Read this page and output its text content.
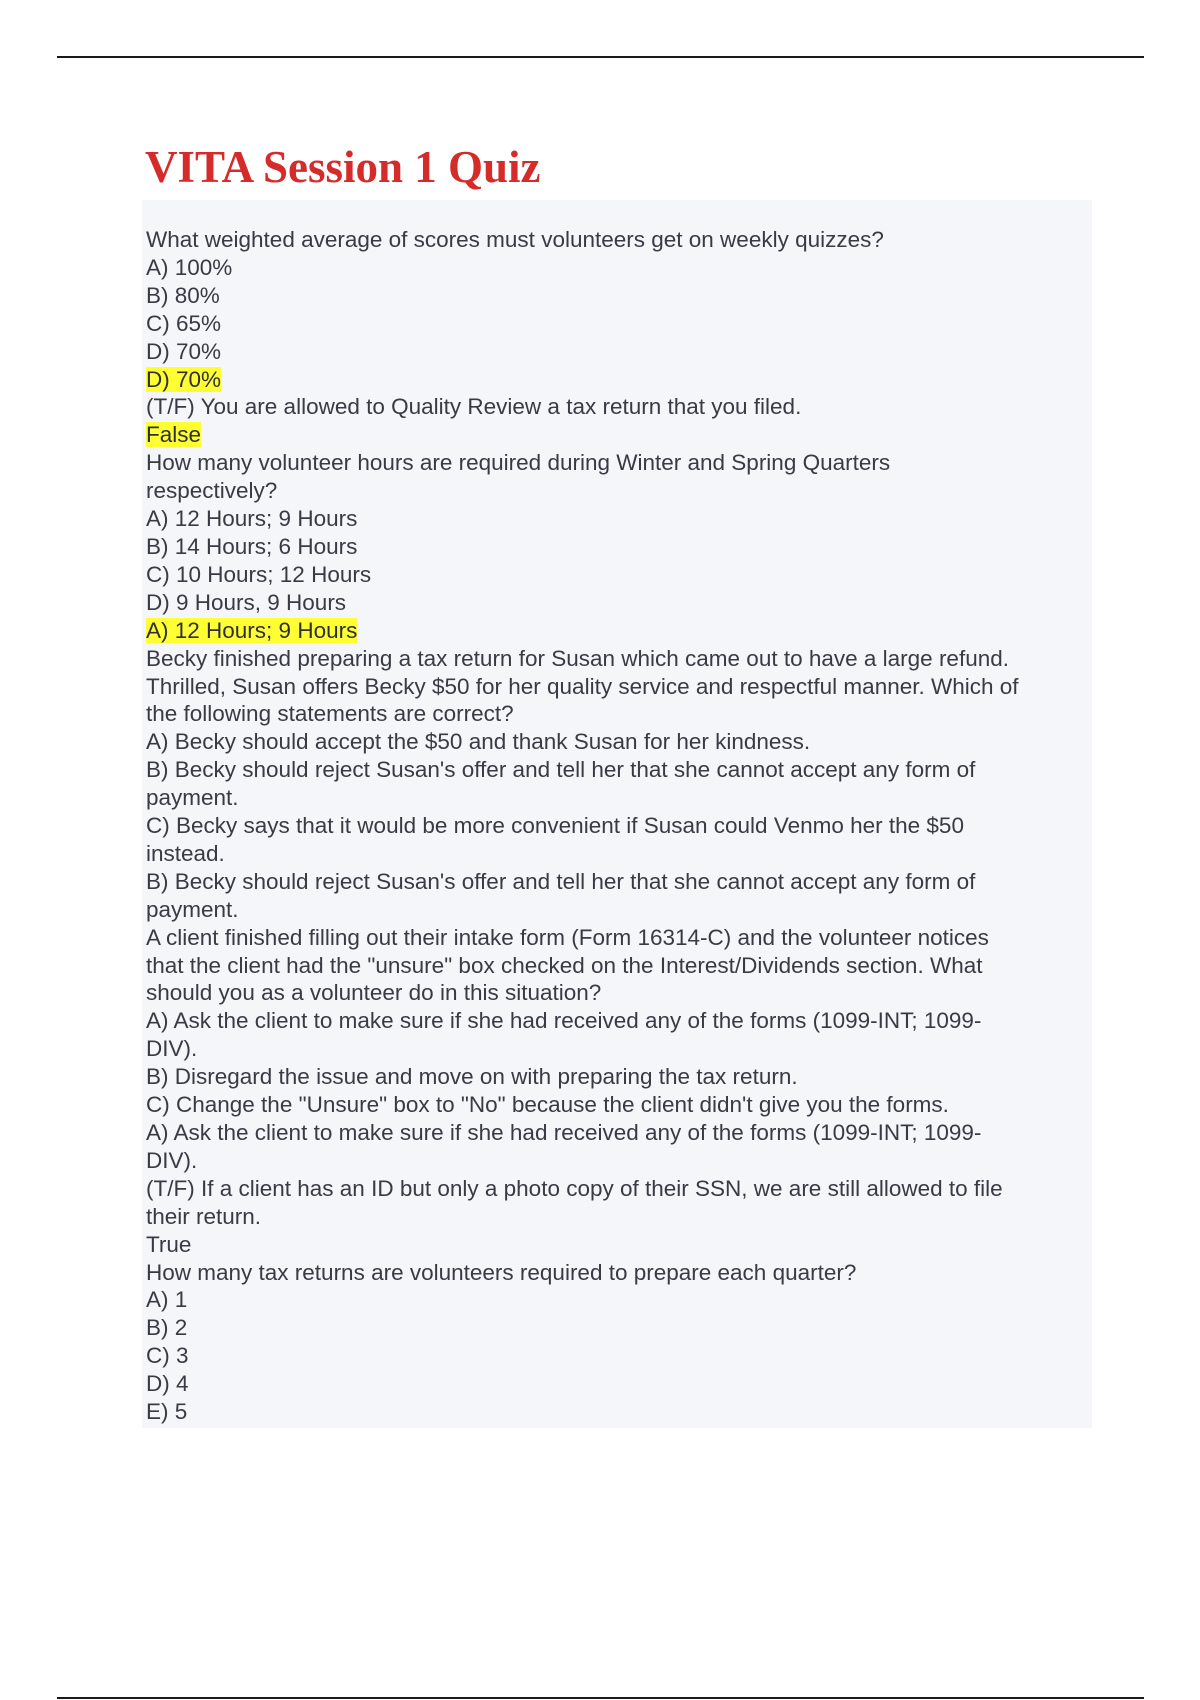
VITA Session 1 Quiz
What weighted average of scores must volunteers get on weekly quizzes?
A) 100%
B) 80%
C) 65%
D) 70%
D) 70%
(T/F) You are allowed to Quality Review a tax return that you filed.
False
How many volunteer hours are required during Winter and Spring Quarters
respectively?
A) 12 Hours; 9 Hours
B) 14 Hours; 6 Hours
C) 10 Hours; 12 Hours
D) 9 Hours, 9 Hours
A) 12 Hours; 9 Hours
Becky finished preparing a tax return for Susan which came out to have a large refund.
Thrilled, Susan offers Becky $50 for her quality service and respectful manner. Which of
the following statements are correct?
A) Becky should accept the $50 and thank Susan for her kindness.
B) Becky should reject Susan's offer and tell her that she cannot accept any form of
payment.
C) Becky says that it would be more convenient if Susan could Venmo her the $50
instead.
B) Becky should reject Susan's offer and tell her that she cannot accept any form of
payment.
A client finished filling out their intake form (Form 16314-C) and the volunteer notices
that the client had the "unsure" box checked on the Interest/Dividends section. What
should you as a volunteer do in this situation?
A) Ask the client to make sure if she had received any of the forms (1099-INT; 1099-
DIV).
B) Disregard the issue and move on with preparing the tax return.
C) Change the "Unsure" box to "No" because the client didn't give you the forms.
A) Ask the client to make sure if she had received any of the forms (1099-INT; 1099-
DIV).
(T/F) If a client has an ID but only a photo copy of their SSN, we are still allowed to file
their return.
True
How many tax returns are volunteers required to prepare each quarter?
A) 1
B) 2
C) 3
D) 4
E) 5
